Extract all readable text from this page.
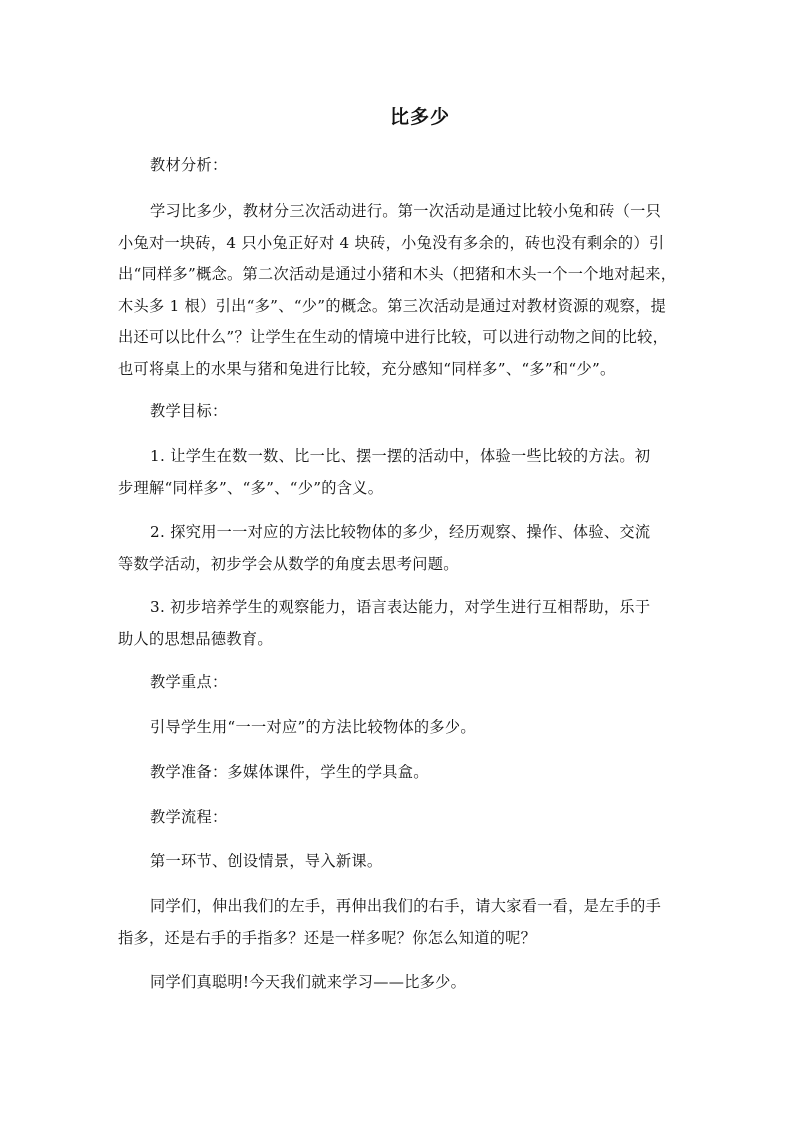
比多少
教材分析：
学习比多少，教材分三次活动进行。第一次活动是通过比较小兔和砖（一只
小兔对一块砖，4 只小兔正好对 4 块砖，小兔没有多余的，砖也没有剩余的）引
出“同样多”概念。第二次活动是通过小猪和木头（把猪和木头一个一个地对起来，
木头多 1 根）引出“多”、“少”的概念。第三次活动是通过对教材资源的观察，提
出还可以比什么”？让学生在生动的情境中进行比较，可以进行动物之间的比较，
也可将桌上的水果与猪和兔进行比较，充分感知“同样多”、“多”和“少”。
教学目标：
1. 让学生在数一数、比一比、摆一摆的活动中，体验一些比较的方法。初
步理解“同样多”、“多”、“少”的含义。
2. 探究用一一对应的方法比较物体的多少，经历观察、操作、体验、交流
等数学活动，初步学会从数学的角度去思考问题。
3. 初步培养学生的观察能力，语言表达能力，对学生进行互相帮助，乐于
助人的思想品德教育。
教学重点：
引导学生用“一一对应”的方法比较物体的多少。
教学准备：多媒体课件，学生的学具盒。
教学流程：
第一环节、创设情景，导入新课。
同学们，伸出我们的左手，再伸出我们的右手，请大家看一看，是左手的手
指多，还是右手的手指多？还是一样多呢？你怎么知道的呢？
同学们真聪明!今天我们就来学习——比多少。
